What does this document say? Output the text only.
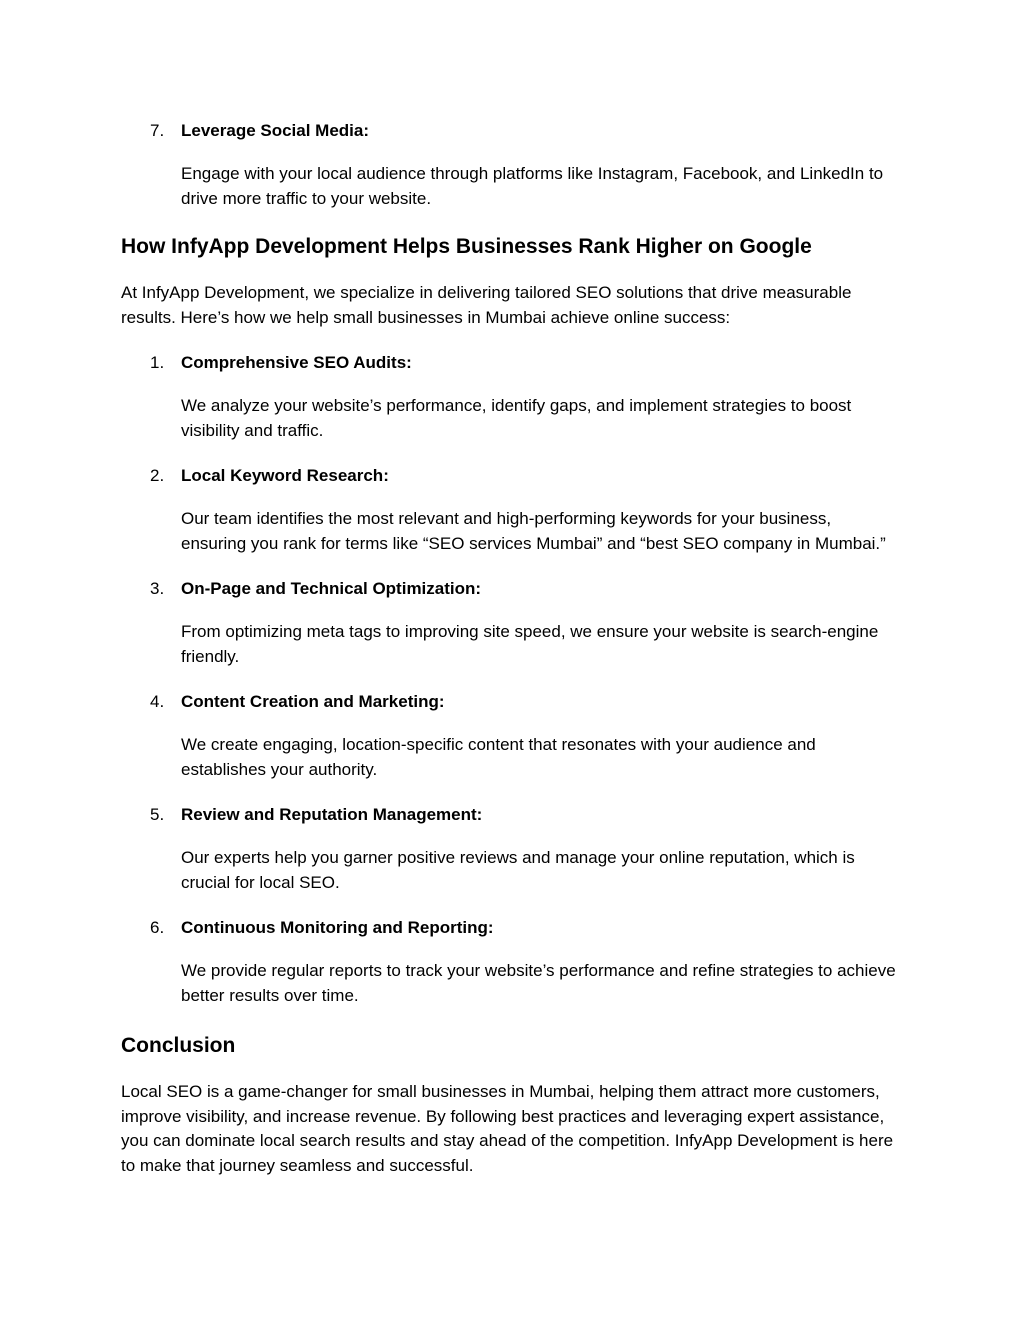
7. Leverage Social Media:

Engage with your local audience through platforms like Instagram, Facebook, and LinkedIn to drive more traffic to your website.

How InfyApp Development Helps Businesses Rank Higher on Google

At InfyApp Development, we specialize in delivering tailored SEO solutions that drive measurable results. Here’s how we help small businesses in Mumbai achieve online success:

1. Comprehensive SEO Audits:

We analyze your website’s performance, identify gaps, and implement strategies to boost visibility and traffic.

2. Local Keyword Research:

Our team identifies the most relevant and high-performing keywords for your business, ensuring you rank for terms like “SEO services Mumbai” and “best SEO company in Mumbai.”

3. On-Page and Technical Optimization:

From optimizing meta tags to improving site speed, we ensure your website is search-engine friendly.

4. Content Creation and Marketing:

We create engaging, location-specific content that resonates with your audience and establishes your authority.

5. Review and Reputation Management:

Our experts help you garner positive reviews and manage your online reputation, which is crucial for local SEO.

6. Continuous Monitoring and Reporting:

We provide regular reports to track your website’s performance and refine strategies to achieve better results over time.

Conclusion

Local SEO is a game-changer for small businesses in Mumbai, helping them attract more customers, improve visibility, and increase revenue. By following best practices and leveraging expert assistance, you can dominate local search results and stay ahead of the competition. InfyApp Development is here to make that journey seamless and successful.
